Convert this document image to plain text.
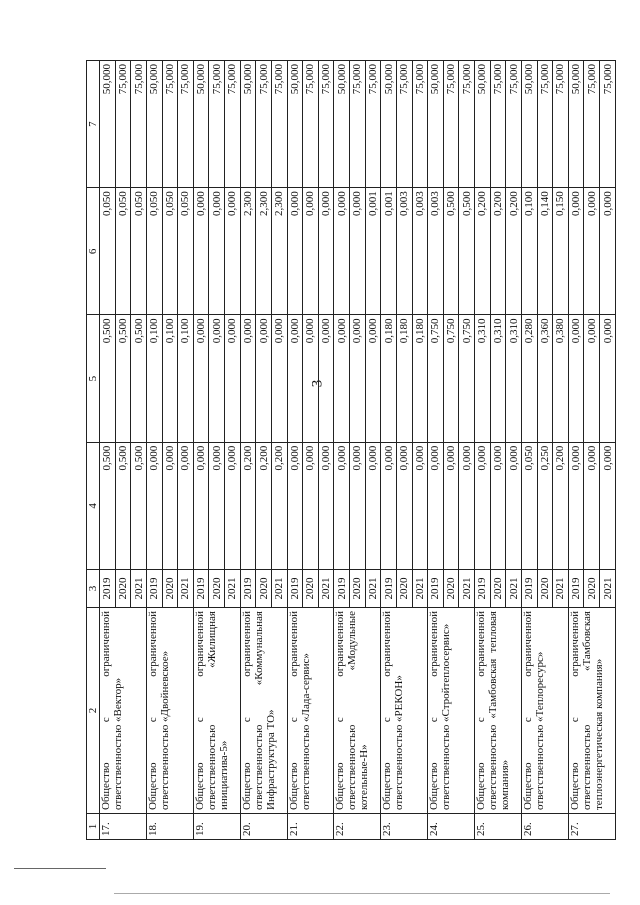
3
1	2	3	4	5	6	7
17.	Общество с ограниченной ответственностью «Вектор»	2019	0,500	0,500	0,050	50,000
		2020	0,500	0,500	0,050	75,000
		2021	0,500	0,500	0,050	75,000
18.	Общество с ограниченной ответственностью «Двойневское»	2019	0,000	0,100	0,050	50,000
		2020	0,000	0,100	0,050	75,000
		2021	0,000	0,100	0,050	75,000
19.	Общество с ограниченной ответственностью «Жилищная инициатива-5»	2019	0,000	0,000	0,000	50,000
		2020	0,000	0,000	0,000	75,000
		2021	0,000	0,000	0,000	75,000
20.	Общество с ограниченной ответственностью «Коммунальная Инфраструктура ТО»	2019	0,200	0,000	2,300	50,000
		2020	0,200	0,000	2,300	75,000
		2021	0,200	0,000	2,300	75,000
21.	Общество с ограниченной ответственностью «Лада-сервис»	2019	0,000	0,000	0,000	50,000
		2020	0,000	0,000	0,000	75,000
		2021	0,000	0,000	0,000	75,000
22.	Общество с ограниченной ответственностью «Модульные котельные-Н»	2019	0,000	0,000	0,000	50,000
		2020	0,000	0,000	0,000	75,000
		2021	0,000	0,000	0,001	75,000
23.	Общество с ограниченной ответственностью «РЕКОН»	2019	0,000	0,180	0,001	50,000
		2020	0,000	0,180	0,003	75,000
		2021	0,000	0,180	0,003	75,000
24.	Общество с ограниченной ответственностью «Стройтеплосервис»	2019	0,000	0,750	0,003	50,000
		2020	0,000	0,750	0,500	75,000
		2021	0,000	0,750	0,500	75,000
25.	Общество с ограниченной ответственностью «Тамбовская тепловая компания»	2019	0,000	0,310	0,200	50,000
		2020	0,000	0,310	0,200	75,000
		2021	0,000	0,310	0,200	75,000
26.	Общество с ограниченной ответственностью «Теплоресурс»	2019	0,050	0,280	0,100	50,000
		2020	0,250	0,360	0,140	75,000
		2021	0,200	0,380	0,150	75,000
27.	Общество с ограниченной ответственностью «Тамбовская теплоэнергетическая компания»	2019	0,000	0,000	0,000	50,000
		2020	0,000	0,000	0,000	75,000
		2021	0,000	0,000	0,000	75,000
